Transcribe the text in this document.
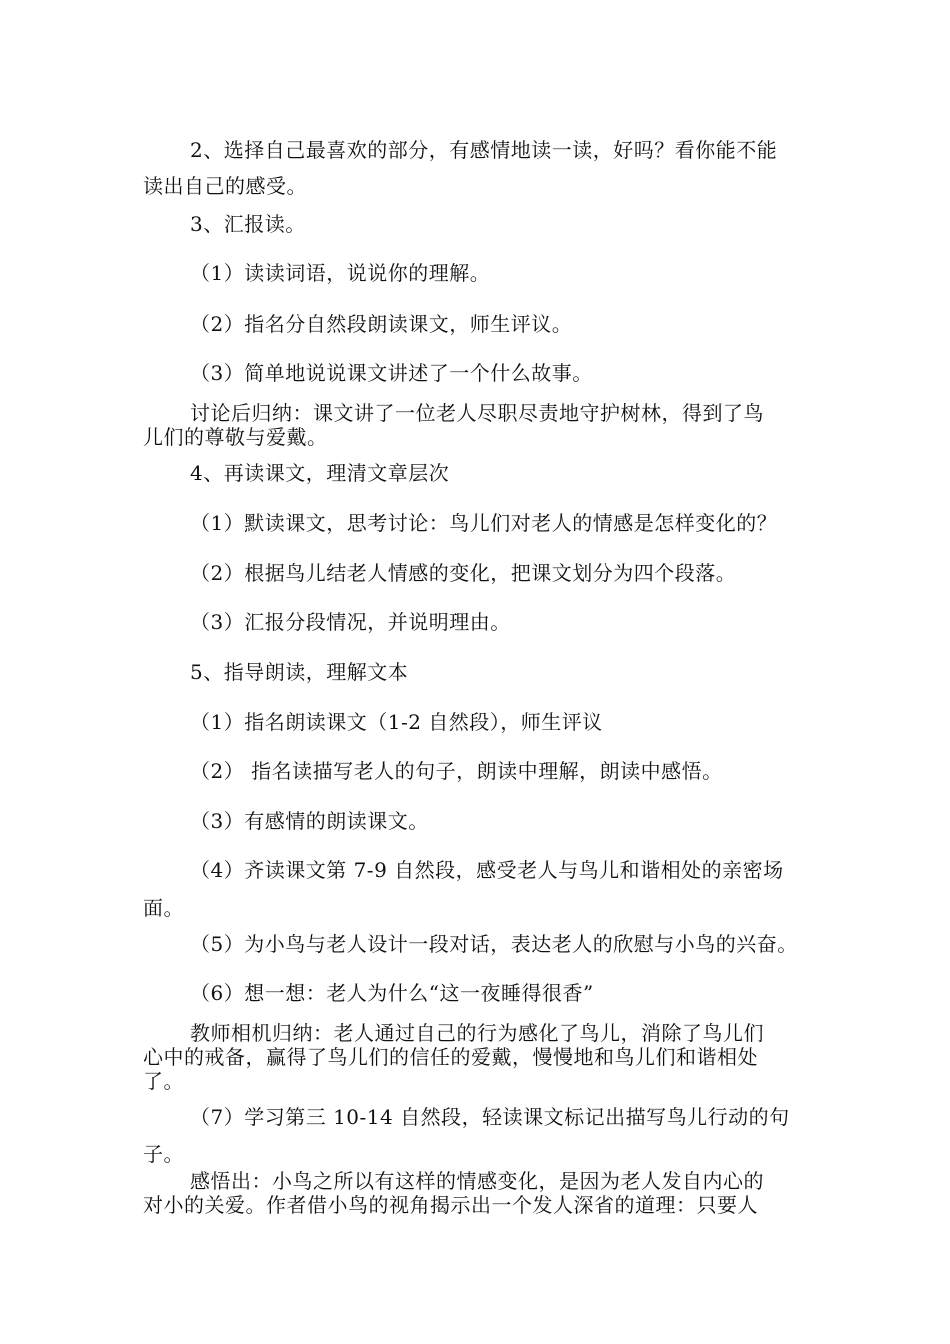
2、选择自己最喜欢的部分，有感情地读一读，好吗？看你能不能
读出自己的感受。
3、汇报读。
（1）读读词语，说说你的理解。
（2）指名分自然段朗读课文，师生评议。
（3）简单地说说课文讲述了一个什么故事。
讨论后归纳：课文讲了一位老人尽职尽责地守护树林，得到了鸟
儿们的尊敬与爱戴。
4、再读课文，理清文章层次
（1）默读课文，思考讨论：鸟儿们对老人的情感是怎样变化的？
（2）根据鸟儿结老人情感的变化，把课文划分为四个段落。
（3）汇报分段情况，并说明理由。
5、指导朗读，理解文本
（1）指名朗读课文（1-2 自然段），师生评议
（2） 指名读描写老人的句子，朗读中理解，朗读中感悟。
（3）有感情的朗读课文。
（4）齐读课文第 7-9 自然段，感受老人与鸟儿和谐相处的亲密场
面。
（5）为小鸟与老人设计一段对话，表达老人的欣慰与小鸟的兴奋。
（6）想一想：老人为什么“这一夜睡得很香”
教师相机归纳：老人通过自己的行为感化了鸟儿，消除了鸟儿们
心中的戒备，赢得了鸟儿们的信任的爱戴，慢慢地和鸟儿们和谐相处
了。
（7）学习第三 10-14 自然段，轻读课文标记出描写鸟儿行动的句
子。
感悟出：小鸟之所以有这样的情感变化，是因为老人发自内心的
对小的关爱。作者借小鸟的视角揭示出一个发人深省的道理：只要人
